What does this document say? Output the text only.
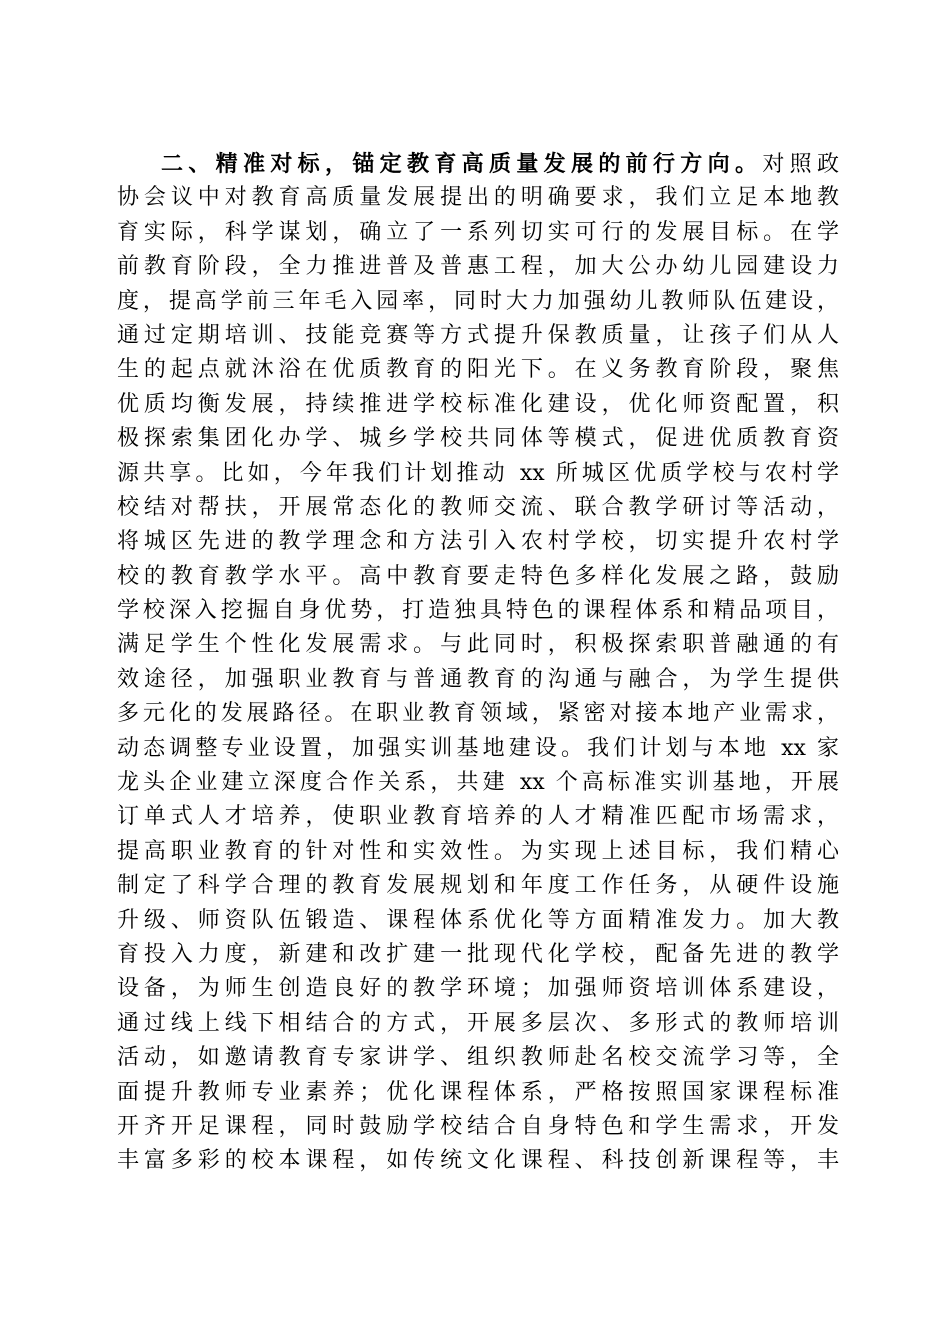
二、精准对标，锚定教育高质量发展的前行方向。对照政
协会议中对教育高质量发展提出的明确要求，我们立足本地教
育实际，科学谋划，确立了一系列切实可行的发展目标。在学
前教育阶段，全力推进普及普惠工程，加大公办幼儿园建设力
度，提高学前三年毛入园率，同时大力加强幼儿教师队伍建设，
通过定期培训、技能竞赛等方式提升保教质量，让孩子们从人
生的起点就沐浴在优质教育的阳光下。在义务教育阶段，聚焦
优质均衡发展，持续推进学校标准化建设，优化师资配置，积
极探索集团化办学、城乡学校共同体等模式，促进优质教育资
源共享。比如，今年我们计划推动 xx 所城区优质学校与农村学
校结对帮扶，开展常态化的教师交流、联合教学研讨等活动，
将城区先进的教学理念和方法引入农村学校，切实提升农村学
校的教育教学水平。高中教育要走特色多样化发展之路，鼓励
学校深入挖掘自身优势，打造独具特色的课程体系和精品项目，
满足学生个性化发展需求。与此同时，积极探索职普融通的有
效途径，加强职业教育与普通教育的沟通与融合，为学生提供
多元化的发展路径。在职业教育领域，紧密对接本地产业需求，
动态调整专业设置，加强实训基地建设。我们计划与本地 xx 家
龙头企业建立深度合作关系，共建 xx 个高标准实训基地，开展
订单式人才培养，使职业教育培养的人才精准匹配市场需求，
提高职业教育的针对性和实效性。为实现上述目标，我们精心
制定了科学合理的教育发展规划和年度工作任务，从硬件设施
升级、师资队伍锻造、课程体系优化等方面精准发力。加大教
育投入力度，新建和改扩建一批现代化学校，配备先进的教学
设备，为师生创造良好的教学环境；加强师资培训体系建设，
通过线上线下相结合的方式，开展多层次、多形式的教师培训
活动，如邀请教育专家讲学、组织教师赴名校交流学习等，全
面提升教师专业素养；优化课程体系，严格按照国家课程标准
开齐开足课程，同时鼓励学校结合自身特色和学生需求，开发
丰富多彩的校本课程，如传统文化课程、科技创新课程等，丰
